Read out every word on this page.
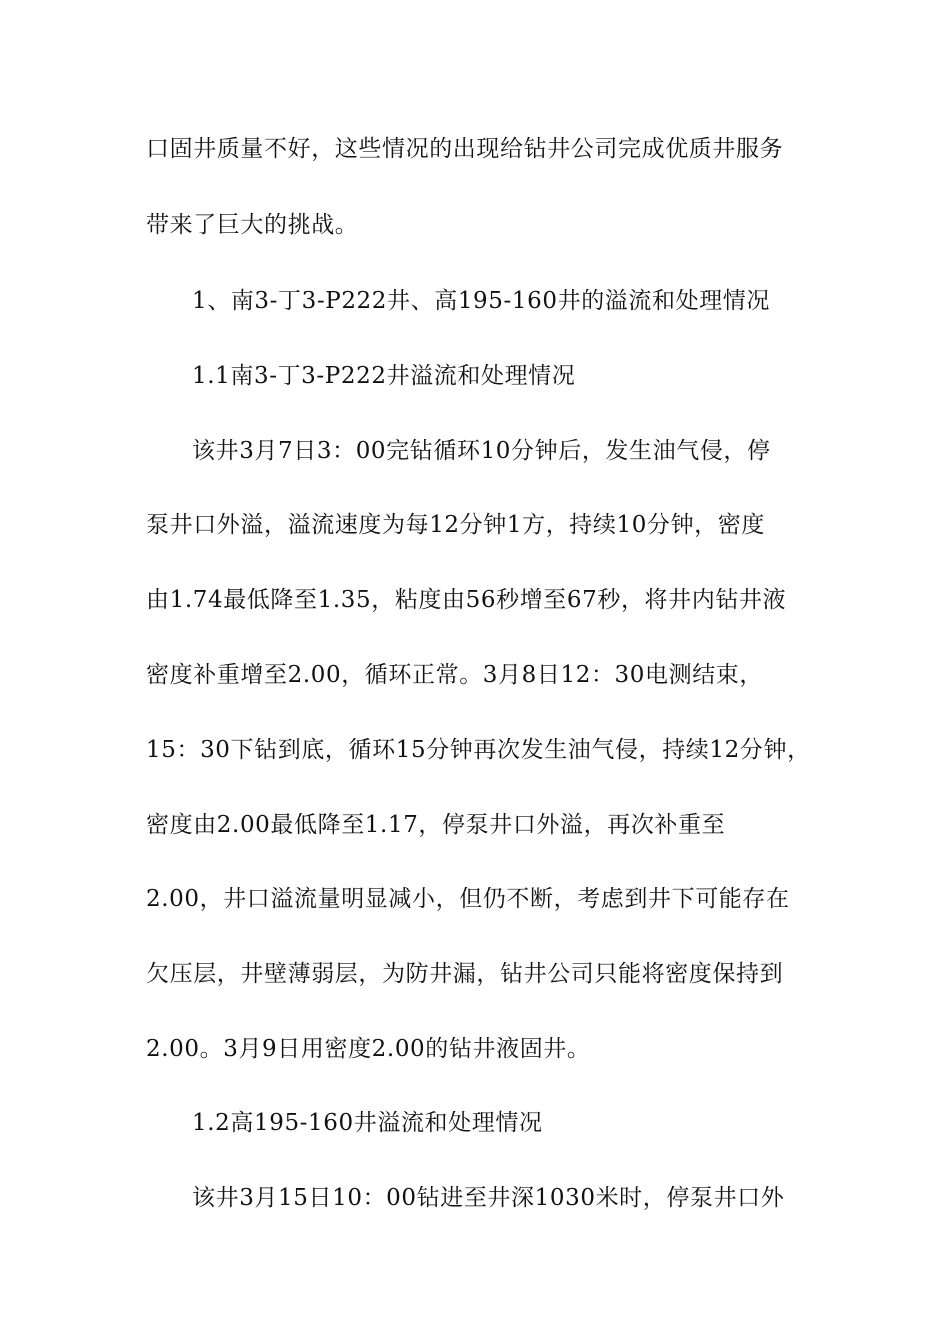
口固井质量不好，这些情况的出现给钻井公司完成优质井服务
带来了巨大的挑战。
1、南3-丁3-P222井、高195-160井的溢流和处理情况
1.1南3-丁3-P222井溢流和处理情况
该井3月7日3：00完钻循环10分钟后，发生油气侵，停
泵井口外溢，溢流速度为每12分钟1方，持续10分钟，密度
由1.74最低降至1.35，粘度由56秒增至67秒，将井内钻井液
密度补重增至2.00，循环正常。3月8日12：30电测结束，
15：30下钻到底，循环15分钟再次发生油气侵，持续12分钟，
密度由2.00最低降至1.17，停泵井口外溢，再次补重至
2.00，井口溢流量明显减小，但仍不断，考虑到井下可能存在
欠压层，井壁薄弱层，为防井漏，钻井公司只能将密度保持到
2.00。3月9日用密度2.00的钻井液固井。
1.2高195-160井溢流和处理情况
该井3月15日10：00钻进至井深1030米时，停泵井口外
